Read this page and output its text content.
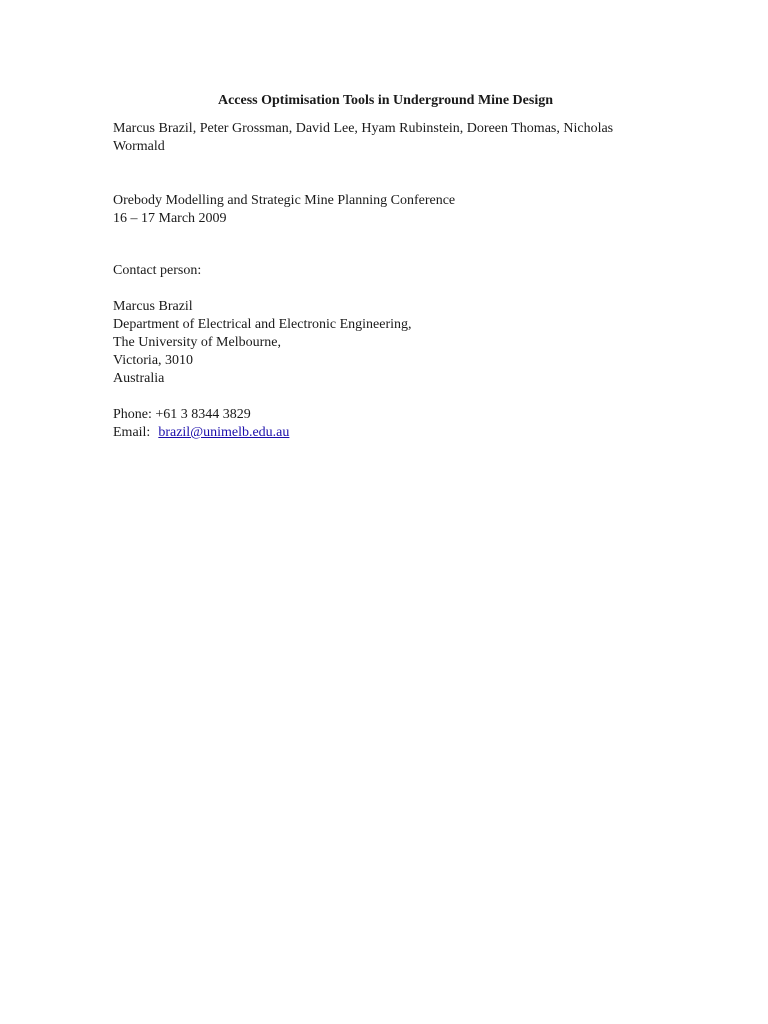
Access Optimisation Tools in Underground Mine Design

Marcus Brazil, Peter Grossman, David Lee, Hyam Rubinstein, Doreen Thomas, Nicholas Wormald

Orebody Modelling and Strategic Mine Planning Conference
16 – 17 March 2009
Contact person:
Marcus Brazil
Department of Electrical and Electronic Engineering,
The University of Melbourne,
Victoria, 3010
Australia
Phone: +61 3 8344 3829
Email: brazil@unimelb.edu.au
